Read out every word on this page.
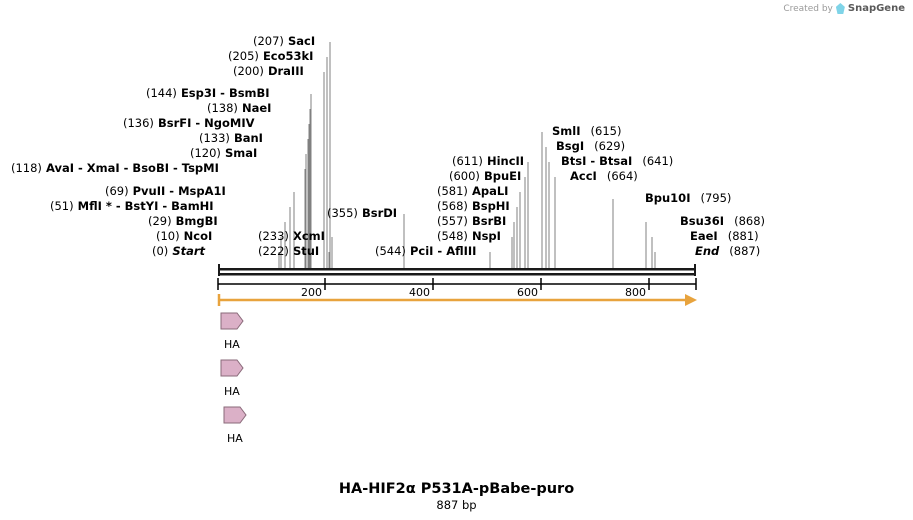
Created by SnapGene
(207) SacI
(205) Eco53kI
(200) DraIII
(144) Esp3I - BsmBI
(138) NaeI
(136) BsrFI - NgoMIV
(133) BanI
(120) SmaI
(118) AvaI - XmaI - BsoBI - TspMI
(69) PvuII - MspA1I
(51) MflI * - BstYI - BamHI
(29) BmgBI
(10) NcoI
(0) Start
(233) XcmI
(222) StuI
(355) BsrDI
(544) PciI - AflIII
(548) NspI
(557) BsrBI
(568) BspHI
(581) ApaLI
(600) BpuEI
(611) HincII
SmlI (615)
BsgI (629)
BtsI - BtsaI (641)
AccI (664)
Bpu10I (795)
Bsu36I (868)
EaeI (881)
End (887)
200	400	600	800
HA
HA
HA
HA-HIF2α P531A-pBabe-puro
887 bp
